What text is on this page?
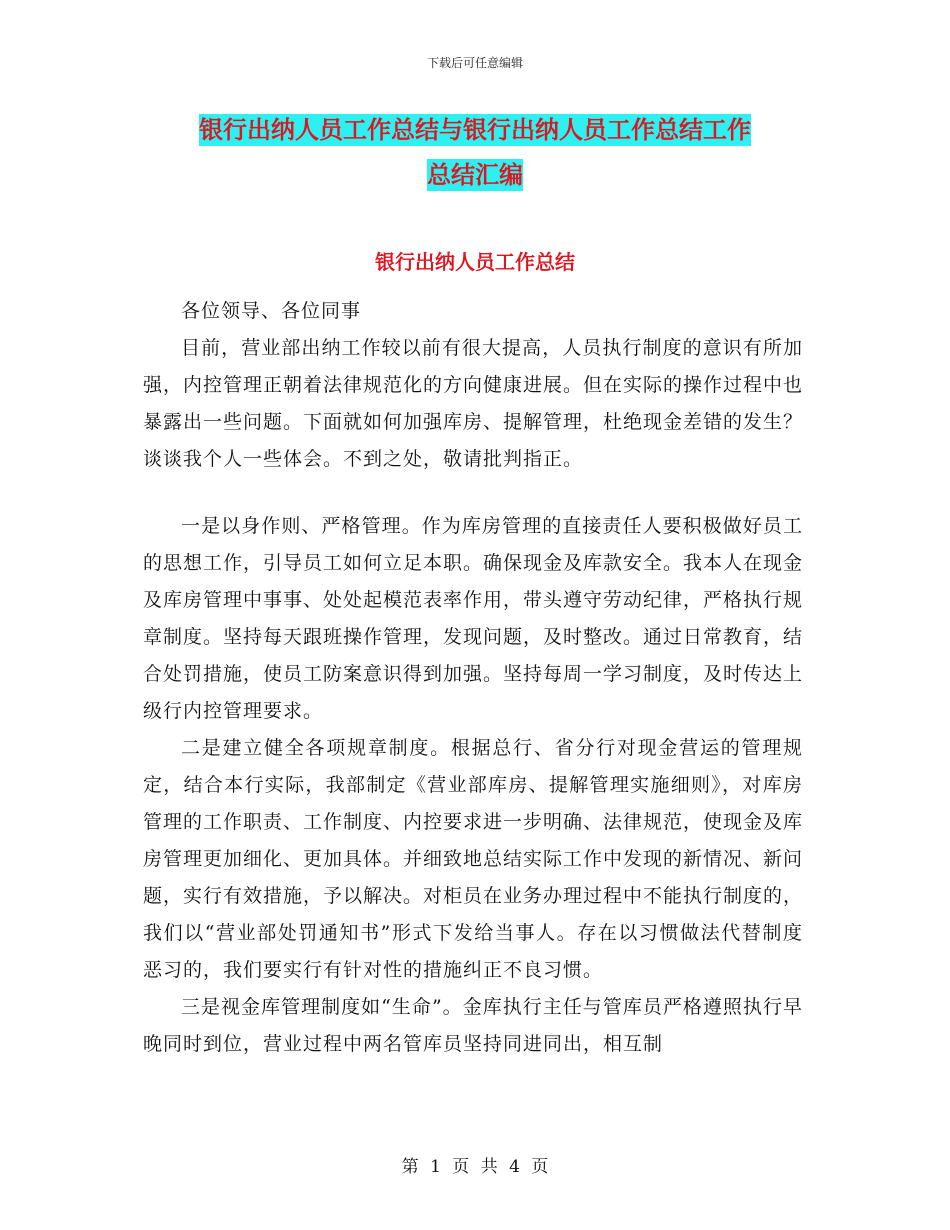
下载后可任意编辑
银行出纳人员工作总结与银行出纳人员工作总结工作
总结汇编
银行出纳人员工作总结

各位领导、各位同事

目前，营业部出纳工作较以前有很大提高，人员执行制度的意识有所加强，内控管理正朝着法律规范化的方向健康进展。但在实际的操作过程中也暴露出一些问题。下面就如何加强库房、提解管理，杜绝现金差错的发生？谈谈我个人一些体会。不到之处，敬请批判指正。

一是以身作则、严格管理。作为库房管理的直接责任人要积极做好员工的思想工作，引导员工如何立足本职。确保现金及库款安全。我本人在现金及库房管理中事事、处处起模范表率作用，带头遵守劳动纪律，严格执行规章制度。坚持每天跟班操作管理，发现问题，及时整改。通过日常教育，结合处罚措施，使员工防案意识得到加强。坚持每周一学习制度，及时传达上级行内控管理要求。

二是建立健全各项规章制度。根据总行、省分行对现金营运的管理规定，结合本行实际，我部制定《营业部库房、提解管理实施细则》，对库房管理的工作职责、工作制度、内控要求进一步明确、法律规范，使现金及库房管理更加细化、更加具体。并细致地总结实际工作中发现的新情况、新问题，实行有效措施，予以解决。对柜员在业务办理过程中不能执行制度的，我们以“营业部处罚通知书”形式下发给当事人。存在以习惯做法代替制度恶习的，我们要实行有针对性的措施纠正不良习惯。

三是视金库管理制度如“生命”。金库执行主任与管库员严格遵照执行早晚同时到位，营业过程中两名管库员坚持同进同出，相互制

第 1 页 共 4 页
